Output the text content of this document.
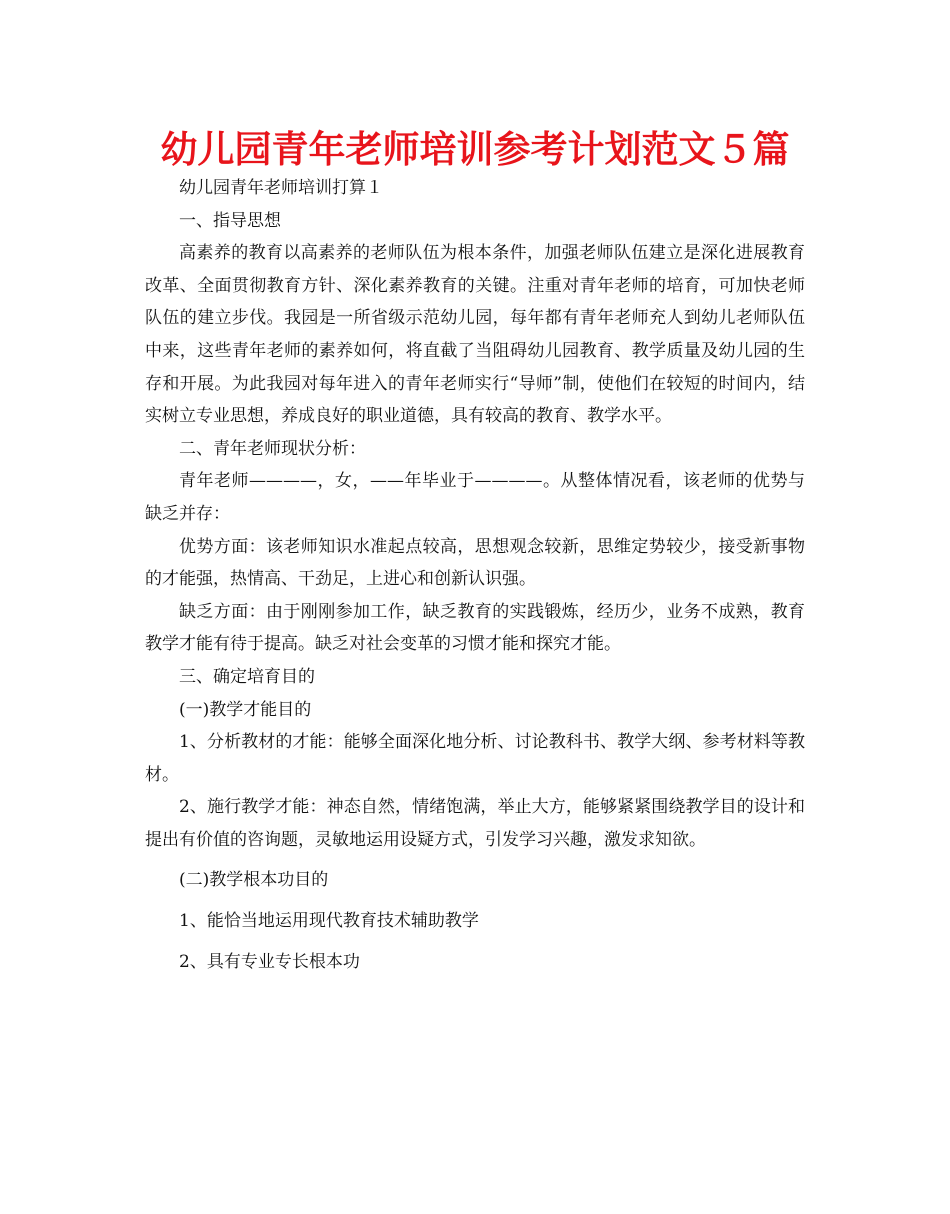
幼儿园青年老师培训参考计划范文５篇

幼儿园青年老师培训打算１

一、指导思想

高素养的教育以高素养的老师队伍为根本条件，加强老师队伍建立是深化进展教育改革、全面贯彻教育方针、深化素养教育的关键。注重对青年老师的培育，可加快老师队伍的建立步伐。我园是一所省级示范幼儿园，每年都有青年老师充人到幼儿老师队伍中来，这些青年老师的素养如何，将直截了当阻碍幼儿园教育、教学质量及幼儿园的生存和开展。为此我园对每年进入的青年老师实行“导师”制，使他们在较短的时间内，结实树立专业思想，养成良好的职业道德，具有较高的教育、教学水平。

二、青年老师现状分析：

青年老师————，女，——年毕业于————。从整体情况看，该老师的优势与缺乏并存：

优势方面：该老师知识水准起点较高，思想观念较新，思维定势较少，接受新事物的才能强，热情高、干劲足，上进心和创新认识强。

缺乏方面：由于刚刚参加工作，缺乏教育的实践锻炼，经历少，业务不成熟，教育教学才能有待于提高。缺乏对社会变革的习惯才能和探究才能。

三、确定培育目的

(一)教学才能目的

1、分析教材的才能：能够全面深化地分析、讨论教科书、教学大纲、参考材料等教材。

2、施行教学才能：神态自然，情绪饱满，举止大方，能够紧紧围绕教学目的设计和提出有价值的咨询题，灵敏地运用设疑方式，引发学习兴趣，激发求知欲。

(二)教学根本功目的

1、能恰当地运用现代教育技术辅助教学

2、具有专业专长根本功
